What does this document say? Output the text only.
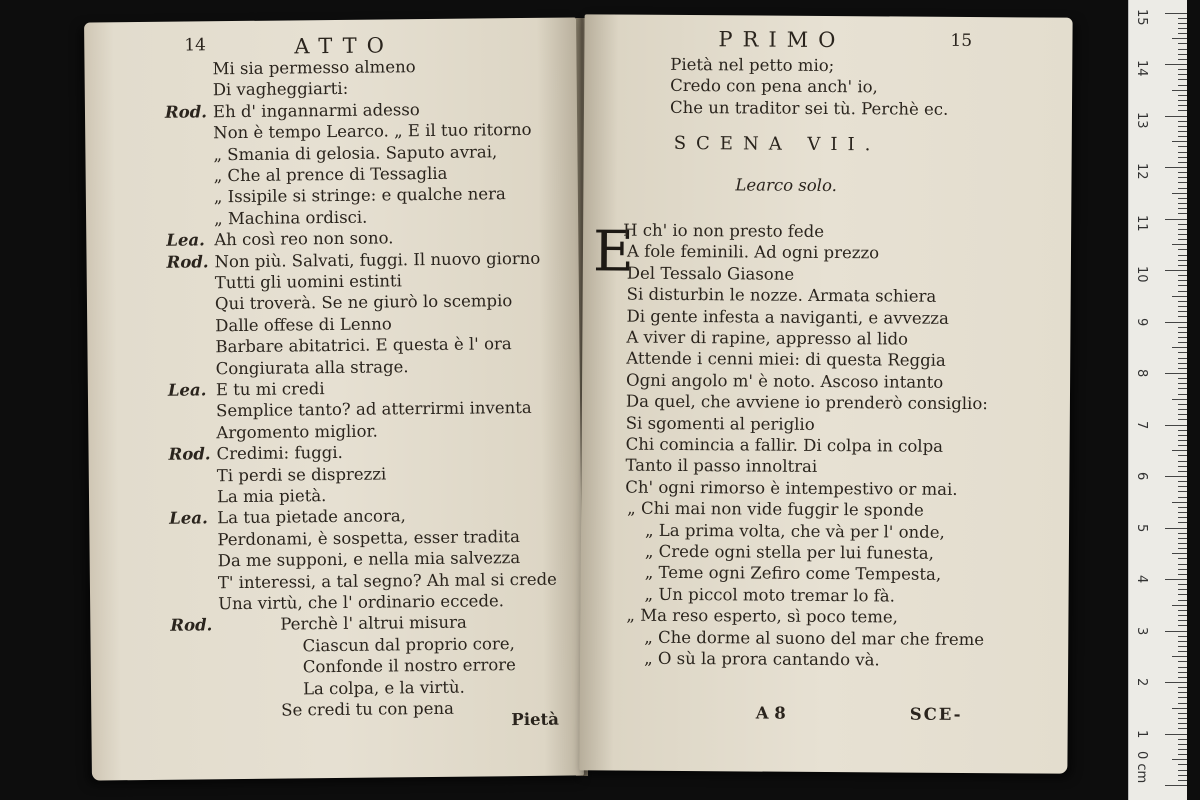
14	ATTO
Mi sia permesso almeno
Di vagheggiarti:
Rod. Eh d' ingannarmi adesso
Non è tempo Learco. „ E il tuo ritorno
„ Smania di gelosia. Saputo avrai,
„ Che al prence di Tessaglia
„ Issipile si stringe: e qualche nera
„ Machina ordisci.
Lea. Ah così reo non sono.
Rod. Non più. Salvati, fuggi. Il nuovo giorno
Tutti gli uomini estinti
Qui troverà. Se ne giurò lo scempio
Dalle offese di Lenno
Barbare abitatrici. E questa è l' ora
Congiurata alla strage.
Lea. E tu mi credi
Semplice tanto? ad atterrirmi inventa
Argomento miglior.
Rod. Credimi: fuggi.
Ti perdi se disprezzi
La mia pietà.
Lea. La tua pietade ancora,
Perdonami, è sospetta, esser tradita
Da me supponi, e nella mia salvezza
T' interessi, a tal segno? Ah mal si crede
Una virtù, che l' ordinario eccede.
Rod.	Perchè l' altrui misura
Ciascun dal proprio core,
Confonde il nostro errore
La colpa, e la virtù.
Se credi tu con pena	Pietà
PRIMO	15
Pietà nel petto mio;
Credo con pena anch' io,
Che un traditor sei tù. Perchè ec.
SCENA VII.
Learco solo.
E
H ch' io non presto fede
A fole feminili. Ad ogni prezzo
Del Tessalo Giasone
Si disturbin le nozze. Armata schiera
Di gente infesta a naviganti, e avvezza
A viver di rapine, appresso al lido
Attende i cenni miei: di questa Reggia
Ogni angolo m' è noto. Ascoso intanto
Da quel, che avviene io prenderò consiglio:
Si sgomenti al periglio
Chi comincia a fallir. Di colpa in colpa
Tanto il passo innoltrai
Ch' ogni rimorso è intempestivo or mai.
„ Chi mai non vide fuggir le sponde
„ La prima volta, che và per l' onde,
„ Crede ogni stella per lui funesta,
„ Teme ogni Zefiro come Tempesta,
„ Un piccol moto tremar lo fà.
„ Ma reso esperto, sì poco teme,
„ Che dorme al suono del mar che freme
„ O sù la prora cantando và.
A 8	SCE-
0 cm
1
2
3
4
5
6
7
8
9
10
11
12
13
14
15
